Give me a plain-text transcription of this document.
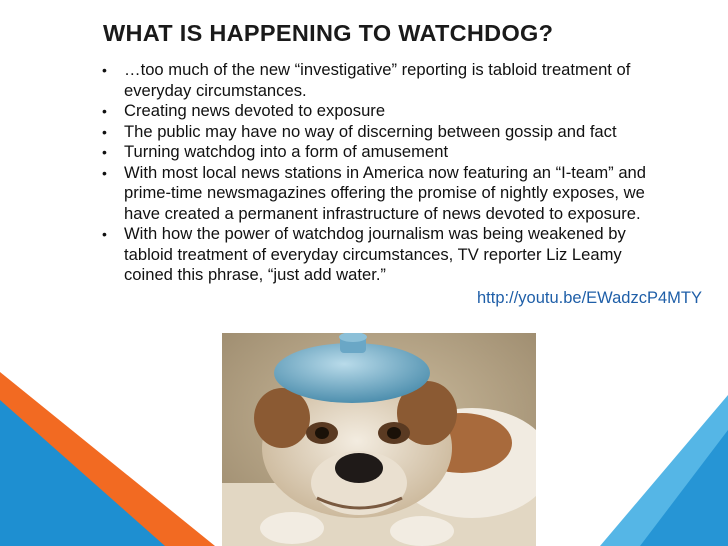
WHAT IS HAPPENING TO WATCHDOG?
• …too much of the new “investigative” reporting is tabloid treatment of everyday circumstances.
• Creating news devoted to exposure
• The public may have no way of discerning between gossip and fact
• Turning watchdog into a form of amusement
• With most local news stations in America now featuring an “I-team” and prime-time newsmagazines offering the promise of nightly exposes, we have created a permanent infrastructure of news devoted to exposure.
• With how the power of watchdog journalism was being weakened by tabloid treatment of everyday circumstances, TV reporter Liz Leamy coined this phrase, “just add water.”
http://youtu.be/EWadzcP4MTY
